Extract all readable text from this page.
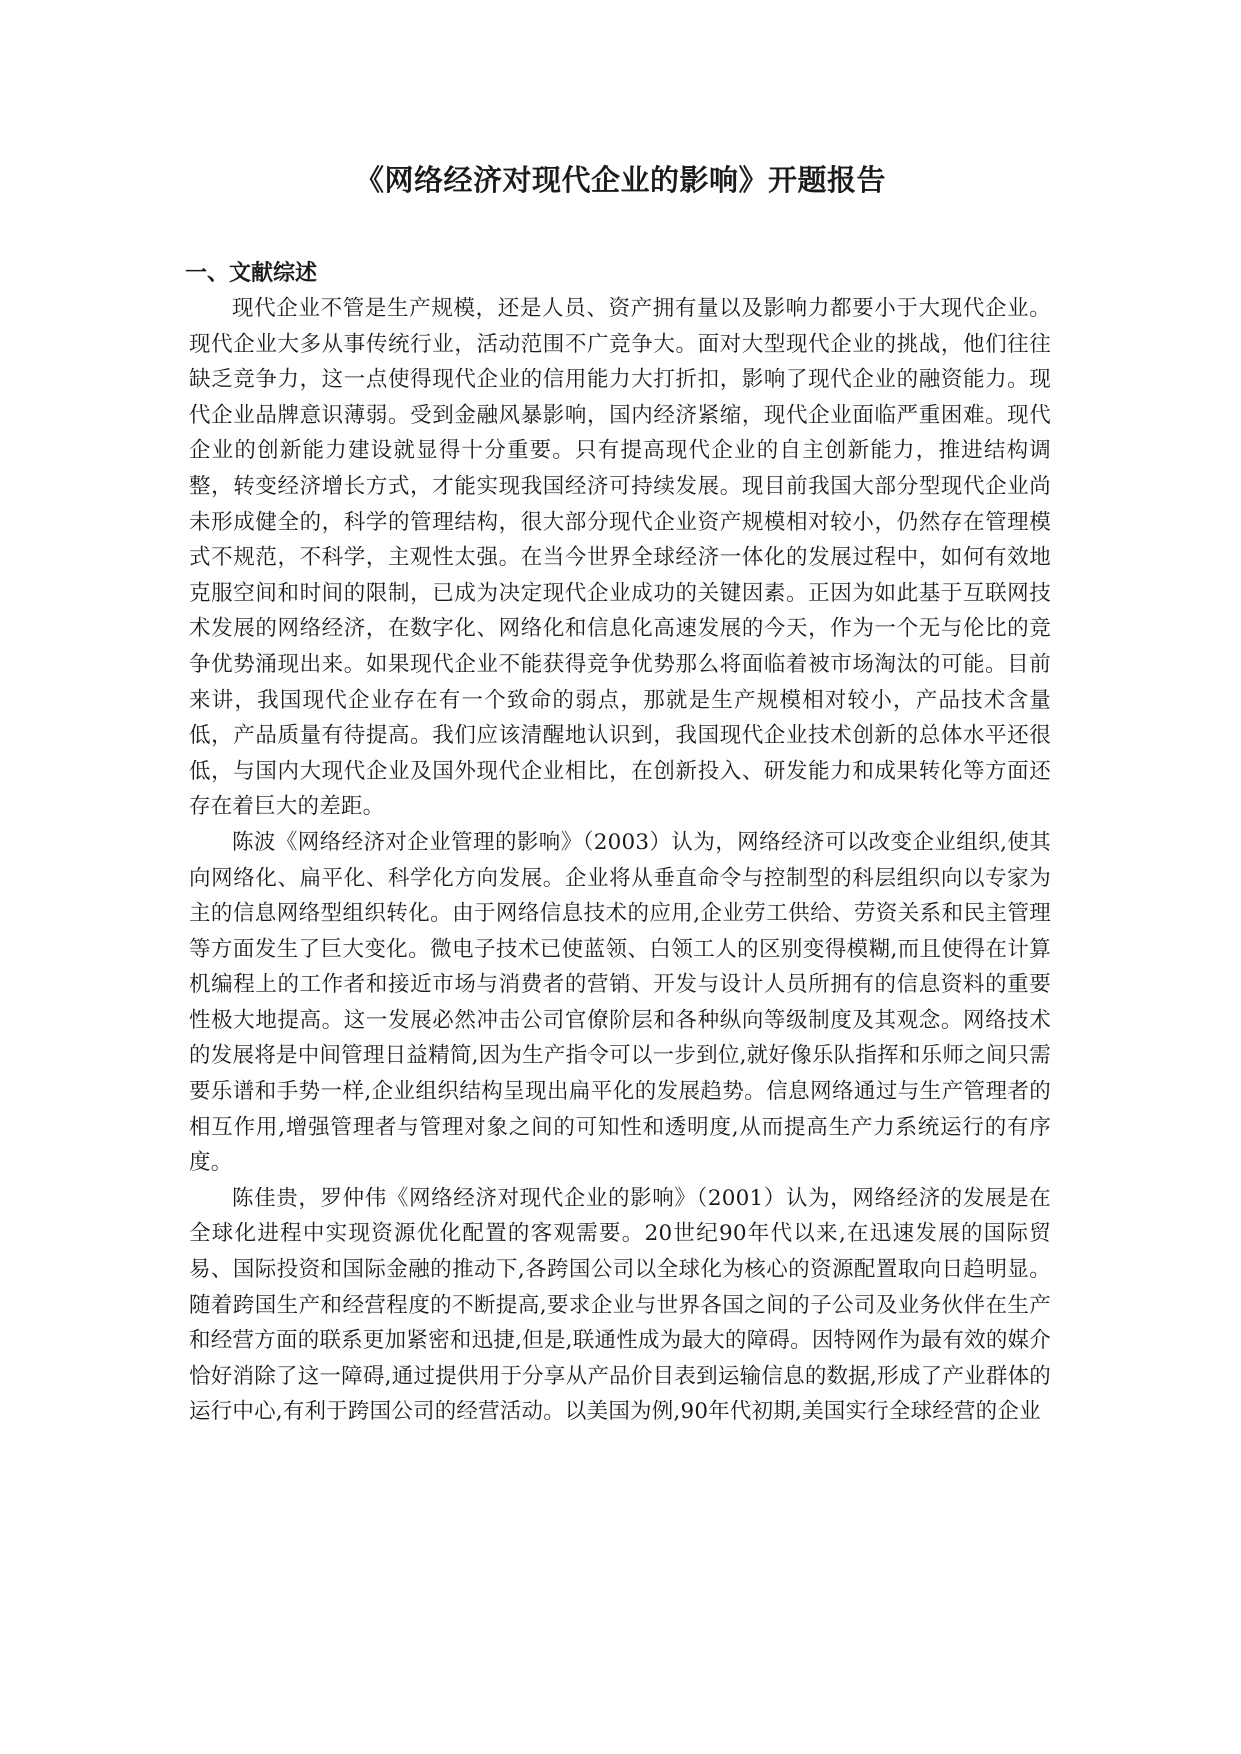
《网络经济对现代企业的影响》开题报告
一、文献综述

现代企业不管是生产规模，还是人员、资产拥有量以及影响力都要小于大现代企业。现代企业大多从事传统行业，活动范围不广竞争大。面对大型现代企业的挑战，他们往往缺乏竞争力，这一点使得现代企业的信用能力大打折扣，影响了现代企业的融资能力。现代企业品牌意识薄弱。受到金融风暴影响，国内经济紧缩，现代企业面临严重困难。现代企业的创新能力建设就显得十分重要。只有提高现代企业的自主创新能力，推进结构调整，转变经济增长方式，才能实现我国经济可持续发展。现目前我国大部分型现代企业尚未形成健全的，科学的管理结构，很大部分现代企业资产规模相对较小，仍然存在管理模式不规范，不科学，主观性太强。在当今世界全球经济一体化的发展过程中，如何有效地克服空间和时间的限制，已成为决定现代企业成功的关键因素。正因为如此基于互联网技术发展的网络经济，在数字化、网络化和信息化高速发展的今天，作为一个无与伦比的竞争优势涌现出来。如果现代企业不能获得竞争优势那么将面临着被市场淘汰的可能。目前来讲，我国现代企业存在有一个致命的弱点，那就是生产规模相对较小，产品技术含量低，产品质量有待提高。我们应该清醒地认识到，我国现代企业技术创新的总体水平还很低，与国内大现代企业及国外现代企业相比，在创新投入、研发能力和成果转化等方面还存在着巨大的差距。

陈波《网络经济对企业管理的影响》（2003）认为，网络经济可以改变企业组织,使其向网络化、扁平化、科学化方向发展。企业将从垂直命令与控制型的科层组织向以专家为主的信息网络型组织转化。由于网络信息技术的应用,企业劳工供给、劳资关系和民主管理等方面发生了巨大变化。微电子技术已使蓝领、白领工人的区别变得模糊,而且使得在计算机编程上的工作者和接近市场与消费者的营销、开发与设计人员所拥有的信息资料的重要性极大地提高。这一发展必然冲击公司官僚阶层和各种纵向等级制度及其观念。网络技术的发展将是中间管理日益精简,因为生产指令可以一步到位,就好像乐队指挥和乐师之间只需要乐谱和手势一样,企业组织结构呈现出扁平化的发展趋势。信息网络通过与生产管理者的相互作用,增强管理者与管理对象之间的可知性和透明度,从而提高生产力系统运行的有序度。

陈佳贵，罗仲伟《网络经济对现代企业的影响》（2001）认为，网络经济的发展是在全球化进程中实现资源优化配置的客观需要。20世纪90年代以来,在迅速发展的国际贸易、国际投资和国际金融的推动下,各跨国公司以全球化为核心的资源配置取向日趋明显。随着跨国生产和经营程度的不断提高,要求企业与世界各国之间的子公司及业务伙伴在生产和经营方面的联系更加紧密和迅捷,但是,联通性成为最大的障碍。因特网作为最有效的媒介恰好消除了这一障碍,通过提供用于分享从产品价目表到运输信息的数据,形成了产业群体的运行中心,有利于跨国公司的经营活动。以美国为例,90年代初期,美国实行全球经营的企业
